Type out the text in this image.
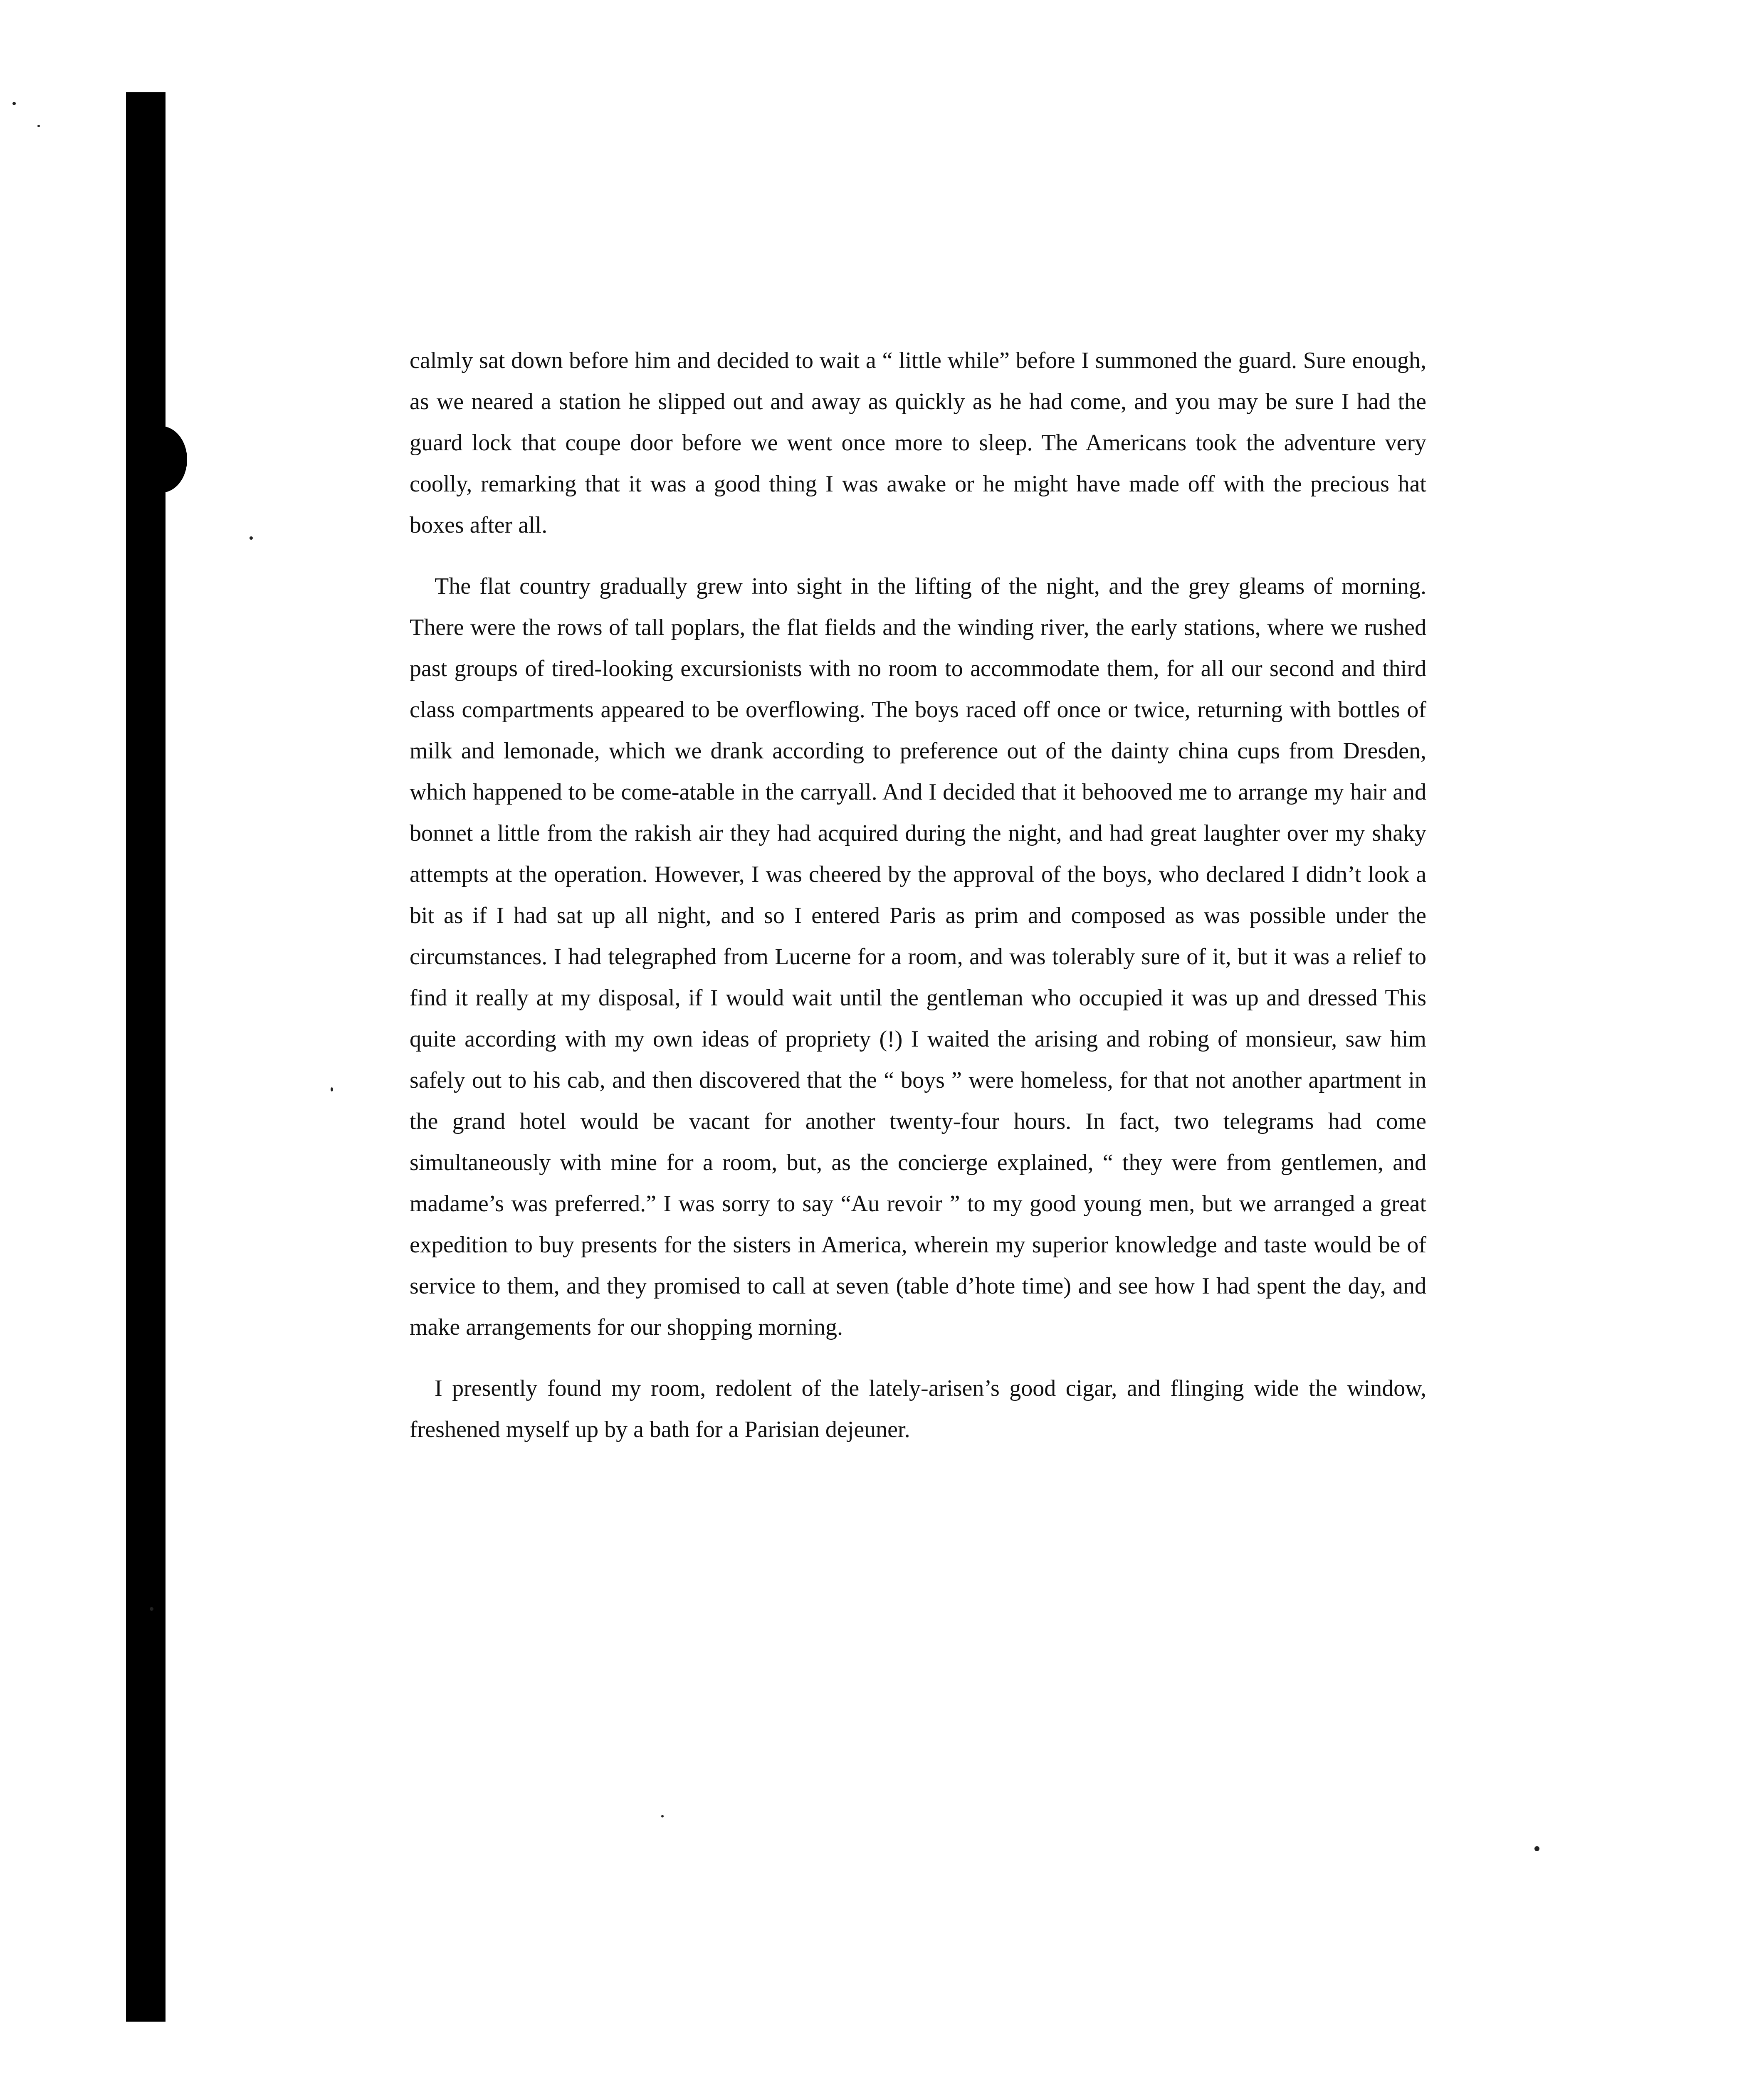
calmly sat down before him and decided to wait a “ little while” before I summoned the guard. Sure enough, as we neared a station he slipped out and away as quickly as he had come, and you may be sure I had the guard lock that coupe door before we went once more to sleep. The Americans took the adventure very coolly, remarking that it was a good thing I was awake or he might have made off with the precious hat boxes after all.

The flat country gradually grew into sight in the lifting of the night, and the grey gleams of morning. There were the rows of tall poplars, the flat fields and the winding river, the early stations, where we rushed past groups of tired-looking excursionists with no room to accommodate them, for all our second and third class compartments appeared to be overflowing. The boys raced off once or twice, returning with bottles of milk and lemonade, which we drank according to preference out of the dainty china cups from Dresden, which happened to be come-atable in the carryall. And I decided that it behooved me to arrange my hair and bonnet a little from the rakish air they had acquired during the night, and had great laughter over my shaky attempts at the operation. However, I was cheered by the approval of the boys, who declared I didn’t look a bit as if I had sat up all night, and so I entered Paris as prim and composed as was possible under the circumstances. I had telegraphed from Lucerne for a room, and was tolerably sure of it, but it was a relief to find it really at my disposal, if I would wait until the gentleman who occupied it was up and dressed This quite according with my own ideas of propriety (!) I waited the arising and robing of monsieur, saw him safely out to his cab, and then discovered that the “ boys ” were homeless, for that not another apartment in the grand hotel would be vacant for another twenty-four hours. In fact, two telegrams had come simultaneously with mine for a room, but, as the concierge explained, “ they were from gentlemen, and madame’s was preferred.” I was sorry to say “Au revoir ” to my good young men, but we arranged a great expedition to buy presents for the sisters in America, wherein my superior knowledge and taste would be of service to them, and they promised to call at seven (table d’hote time) and see how I had spent the day, and make arrangements for our shopping morning.

I presently found my room, redolent of the lately-arisen’s good cigar, and flinging wide the window, freshened myself up by a bath for a Parisian dejeuner.
